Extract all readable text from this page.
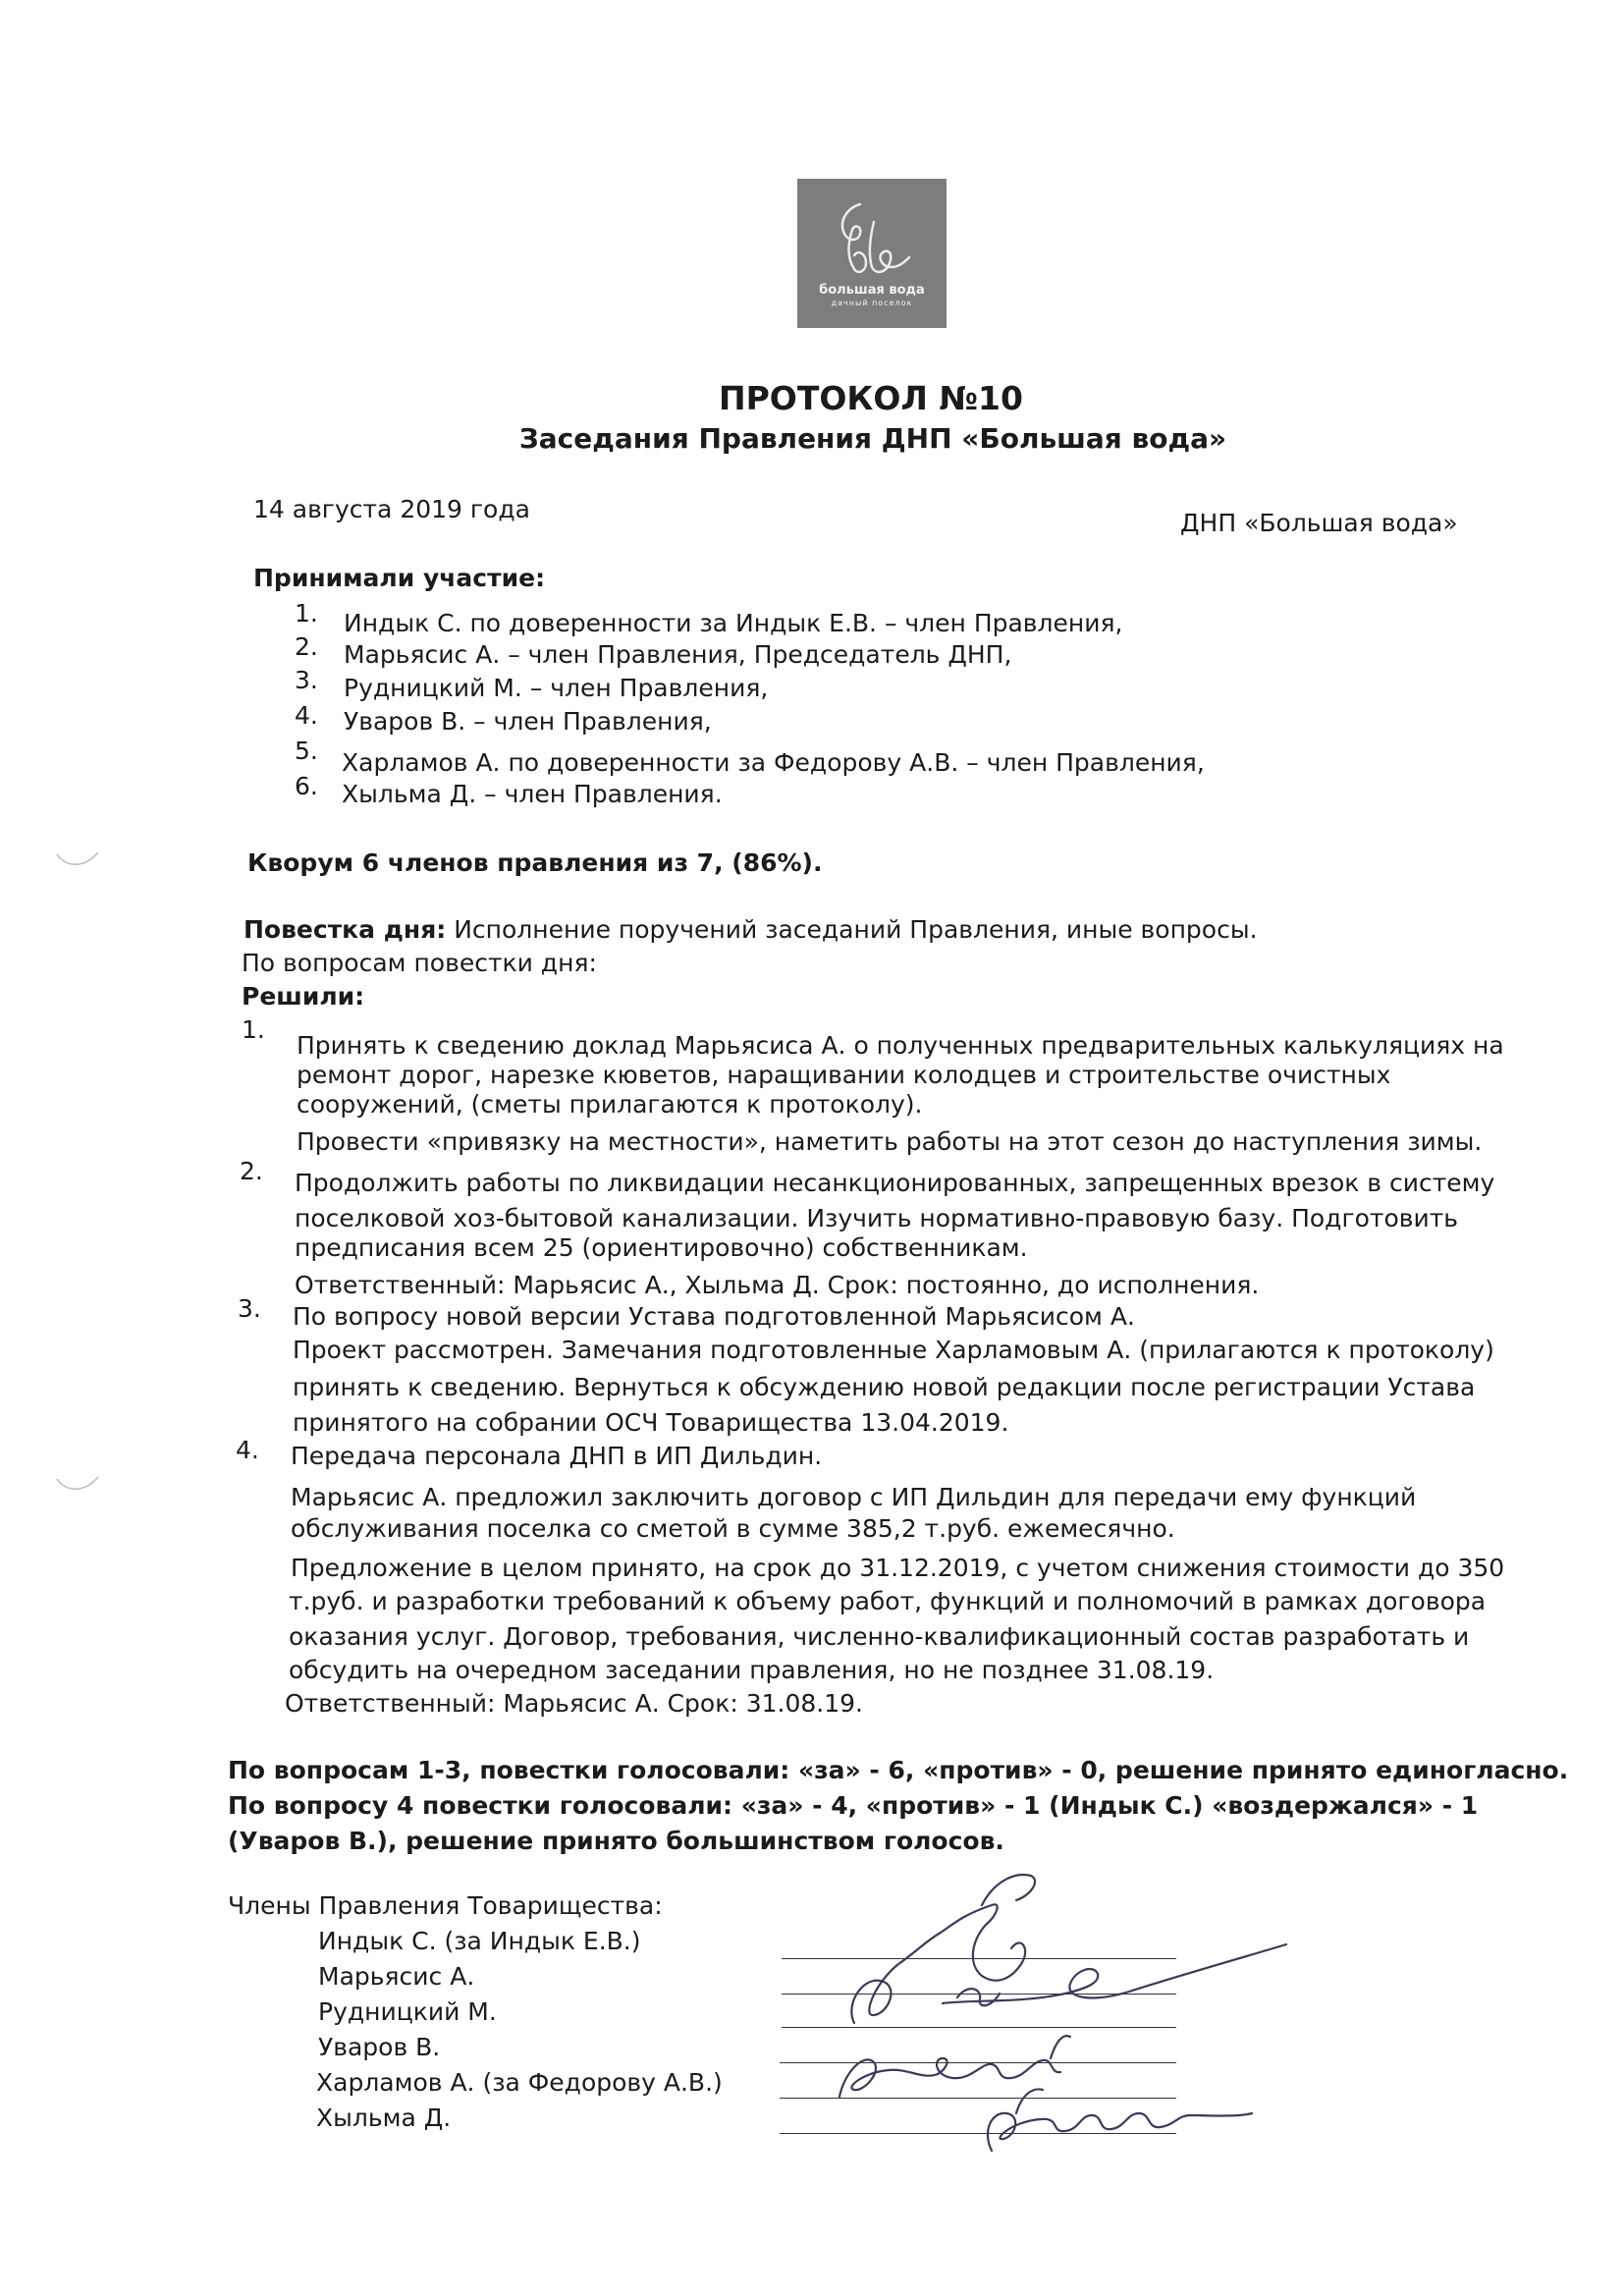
большая вода
дачный поселок
ПРОТОКОЛ №10
Заседания Правления ДНП «Большая вода»
14 августа 2019 года	ДНП «Большая вода»
Принимали участие:
1. Индык С. по доверенности за Индык Е.В. – член Правления,
2. Марьясис А. – член Правления, Председатель ДНП,
3. Рудницкий М. – член Правления,
4. Уваров В. – член Правления,
5. Харламов А. по доверенности за Федорову А.В. – член Правления,
6. Хыльма Д. – член Правления.
Кворум 6 членов правления из 7, (86%).
Повестка дня: Исполнение поручений заседаний Правления, иные вопросы.
По вопросам повестки дня:
Решили:
1.
Принять к сведению доклад Марьясиса А. о полученных предварительных калькуляциях на
ремонт дорог, нарезке кюветов, наращивании колодцев и строительстве очистных
сооружений, (сметы прилагаются к протоколу).
Провести «привязку на местности», наметить работы на этот сезон до наступления зимы.
2. Продолжить работы по ликвидации несанкционированных, запрещенных врезок в систему
поселковой хоз-бытовой канализации. Изучить нормативно-правовую базу. Подготовить
предписания всем 25 (ориентировочно) собственникам.
Ответственный: Марьясис А., Хыльма Д. Срок: постоянно, до исполнения.
3. По вопросу новой версии Устава подготовленной Марьясисом А.
Проект рассмотрен. Замечания подготовленные Харламовым А. (прилагаются к протоколу)
принять к сведению. Вернуться к обсуждению новой редакции после регистрации Устава
принятого на собрании ОСЧ Товарищества 13.04.2019.
4. Передача персонала ДНП в ИП Дильдин.
Марьясис А. предложил заключить договор с ИП Дильдин для передачи ему функций
обслуживания поселка со сметой в сумме 385,2 т.руб. ежемесячно.
Предложение в целом принято, на срок до 31.12.2019, с учетом снижения стоимости до 350
т.руб. и разработки требований к объему работ, функций и полномочий в рамках договора
оказания услуг. Договор, требования, численно-квалификационный состав разработать и
обсудить на очередном заседании правления, но не позднее 31.08.19.
Ответственный: Марьясис А. Срок: 31.08.19.
По вопросам 1-3, повестки голосовали: «за» - 6, «против» - 0, решение принято единогласно.
По вопросу 4 повестки голосовали: «за» - 4, «против» - 1 (Индык С.) «воздержался» - 1
(Уваров В.), решение принято большинством голосов.
Члены Правления Товарищества:
Индык С. (за Индык Е.В.)
Марьясис А.
Рудницкий М.
Уваров В.
Харламов А. (за Федорову А.В.)
Хыльма Д.
